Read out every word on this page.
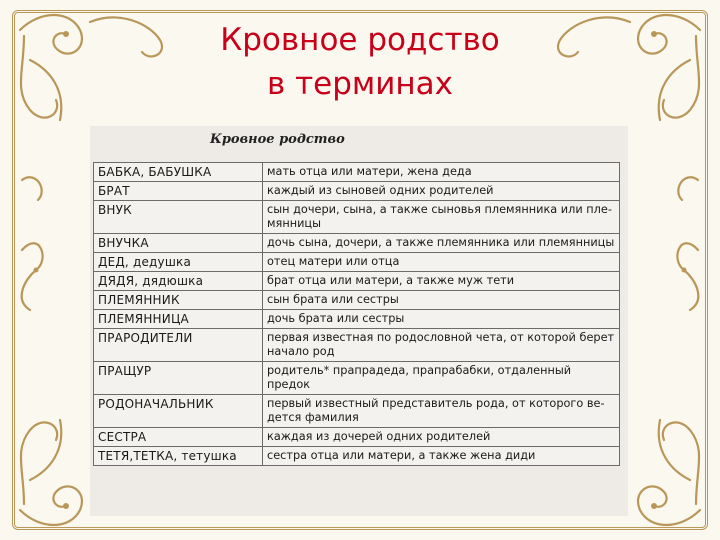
Кровное родство
в терминах
Кровное родство
БАБКА, БАБУШКА	мать отца или матери, жена деда
БРАТ	каждый из сыновей одних родителей
ВНУК	сын дочери, сына, а также сыновья племянника или пле-мянницы
ВНУЧКА	дочь сына, дочери, а также племянника или племянницы
ДЕД, дедушка	отец матери или отца
ДЯДЯ, дядюшка	брат отца или матери, а также муж тети
ПЛЕМЯННИК	сын брата или сестры
ПЛЕМЯННИЦА	дочь брата или сестры
ПРАРОДИТЕЛИ	первая известная по родословной чета, от которой берет начало род
ПРАЩУР	родитель* прапрадеда, прапрабабки, отдаленный предок
РОДОНАЧАЛЬНИК	первый известный представитель рода, от которого ве-дется фамилия
СЕСТРА	каждая из дочерей одних родителей
ТЕТЯ,ТЕТКА, тетушка	сестра отца или матери, а также жена диди
